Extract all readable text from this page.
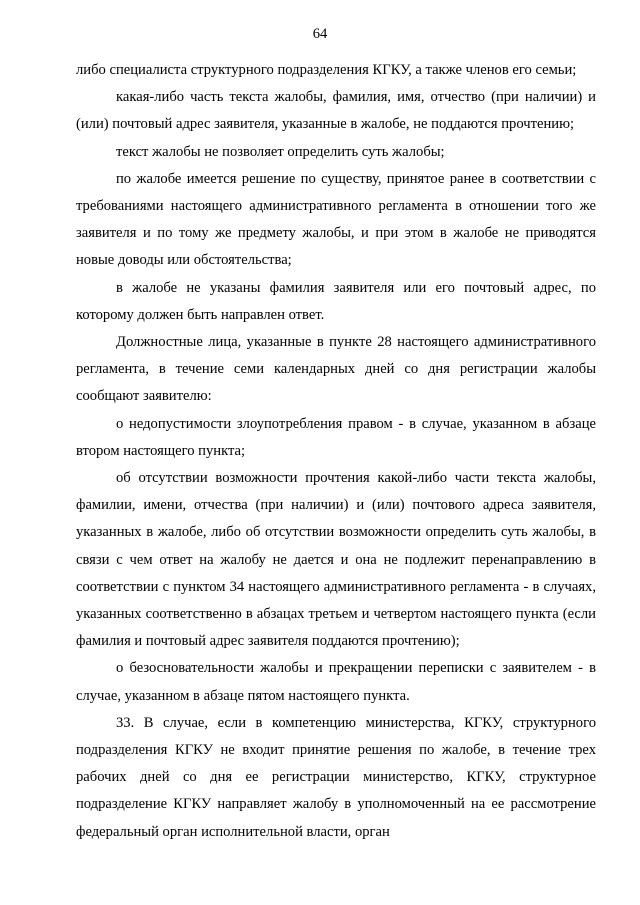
64

либо специалиста структурного подразделения КГКУ, а также членов его семьи;

какая-либо часть текста жалобы, фамилия, имя, отчество (при наличии) и (или) почтовый адрес заявителя, указанные в жалобе, не поддаются прочтению;

текст жалобы не позволяет определить суть жалобы;

по жалобе имеется решение по существу, принятое ранее в соответствии с требованиями настоящего административного регламента в отношении того же заявителя и по тому же предмету жалобы, и при этом в жалобе не приводятся новые доводы или обстоятельства;

в жалобе не указаны фамилия заявителя или его почтовый адрес, по которому должен быть направлен ответ.

Должностные лица, указанные в пункте 28 настоящего административного регламента, в течение семи календарных дней со дня регистрации жалобы сообщают заявителю:

о недопустимости злоупотребления правом - в случае, указанном в абзаце втором настоящего пункта;

об отсутствии возможности прочтения какой-либо части текста жалобы, фамилии, имени, отчества (при наличии) и (или) почтового адреса заявителя, указанных в жалобе, либо об отсутствии возможности определить суть жалобы, в связи с чем ответ на жалобу не дается и она не подлежит перенаправлению в соответствии с пунктом 34 настоящего административного регламента - в случаях, указанных соответственно в абзацах третьем и четвертом настоящего пункта (если фамилия и почтовый адрес заявителя поддаются прочтению);

о безосновательности жалобы и прекращении переписки с заявителем - в случае, указанном в абзаце пятом настоящего пункта.

33. В случае, если в компетенцию министерства, КГКУ, структурного подразделения КГКУ не входит принятие решения по жалобе, в течение трех рабочих дней со дня ее регистрации министерство, КГКУ, структурное подразделение КГКУ направляет жалобу в уполномоченный на ее рассмотрение федеральный орган исполнительной власти, орган
